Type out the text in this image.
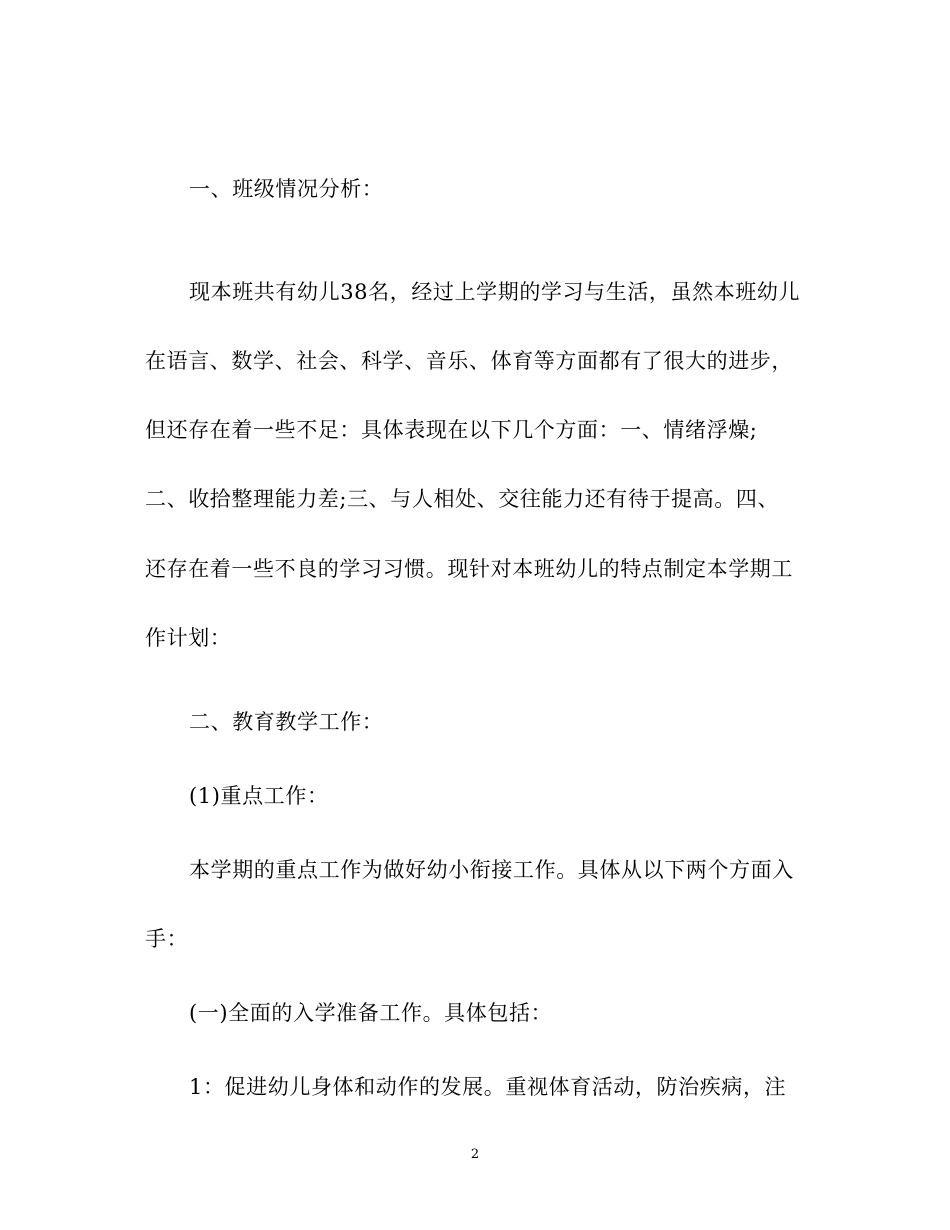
一、班级情况分析：
现本班共有幼儿38名，经过上学期的学习与生活，虽然本班幼儿
在语言、数学、社会、科学、音乐、体育等方面都有了很大的进步，
但还存在着一些不足：具体表现在以下几个方面：一、情绪浮燥;
二、收拾整理能力差;三、与人相处、交往能力还有待于提高。四、
还存在着一些不良的学习习惯。现针对本班幼儿的特点制定本学期工
作计划：
二、教育教学工作：
(1)重点工作：
本学期的重点工作为做好幼小衔接工作。具体从以下两个方面入
手：
(一)全面的入学准备工作。具体包括：
1：促进幼儿身体和动作的发展。重视体育活动，防治疾病，注
2
